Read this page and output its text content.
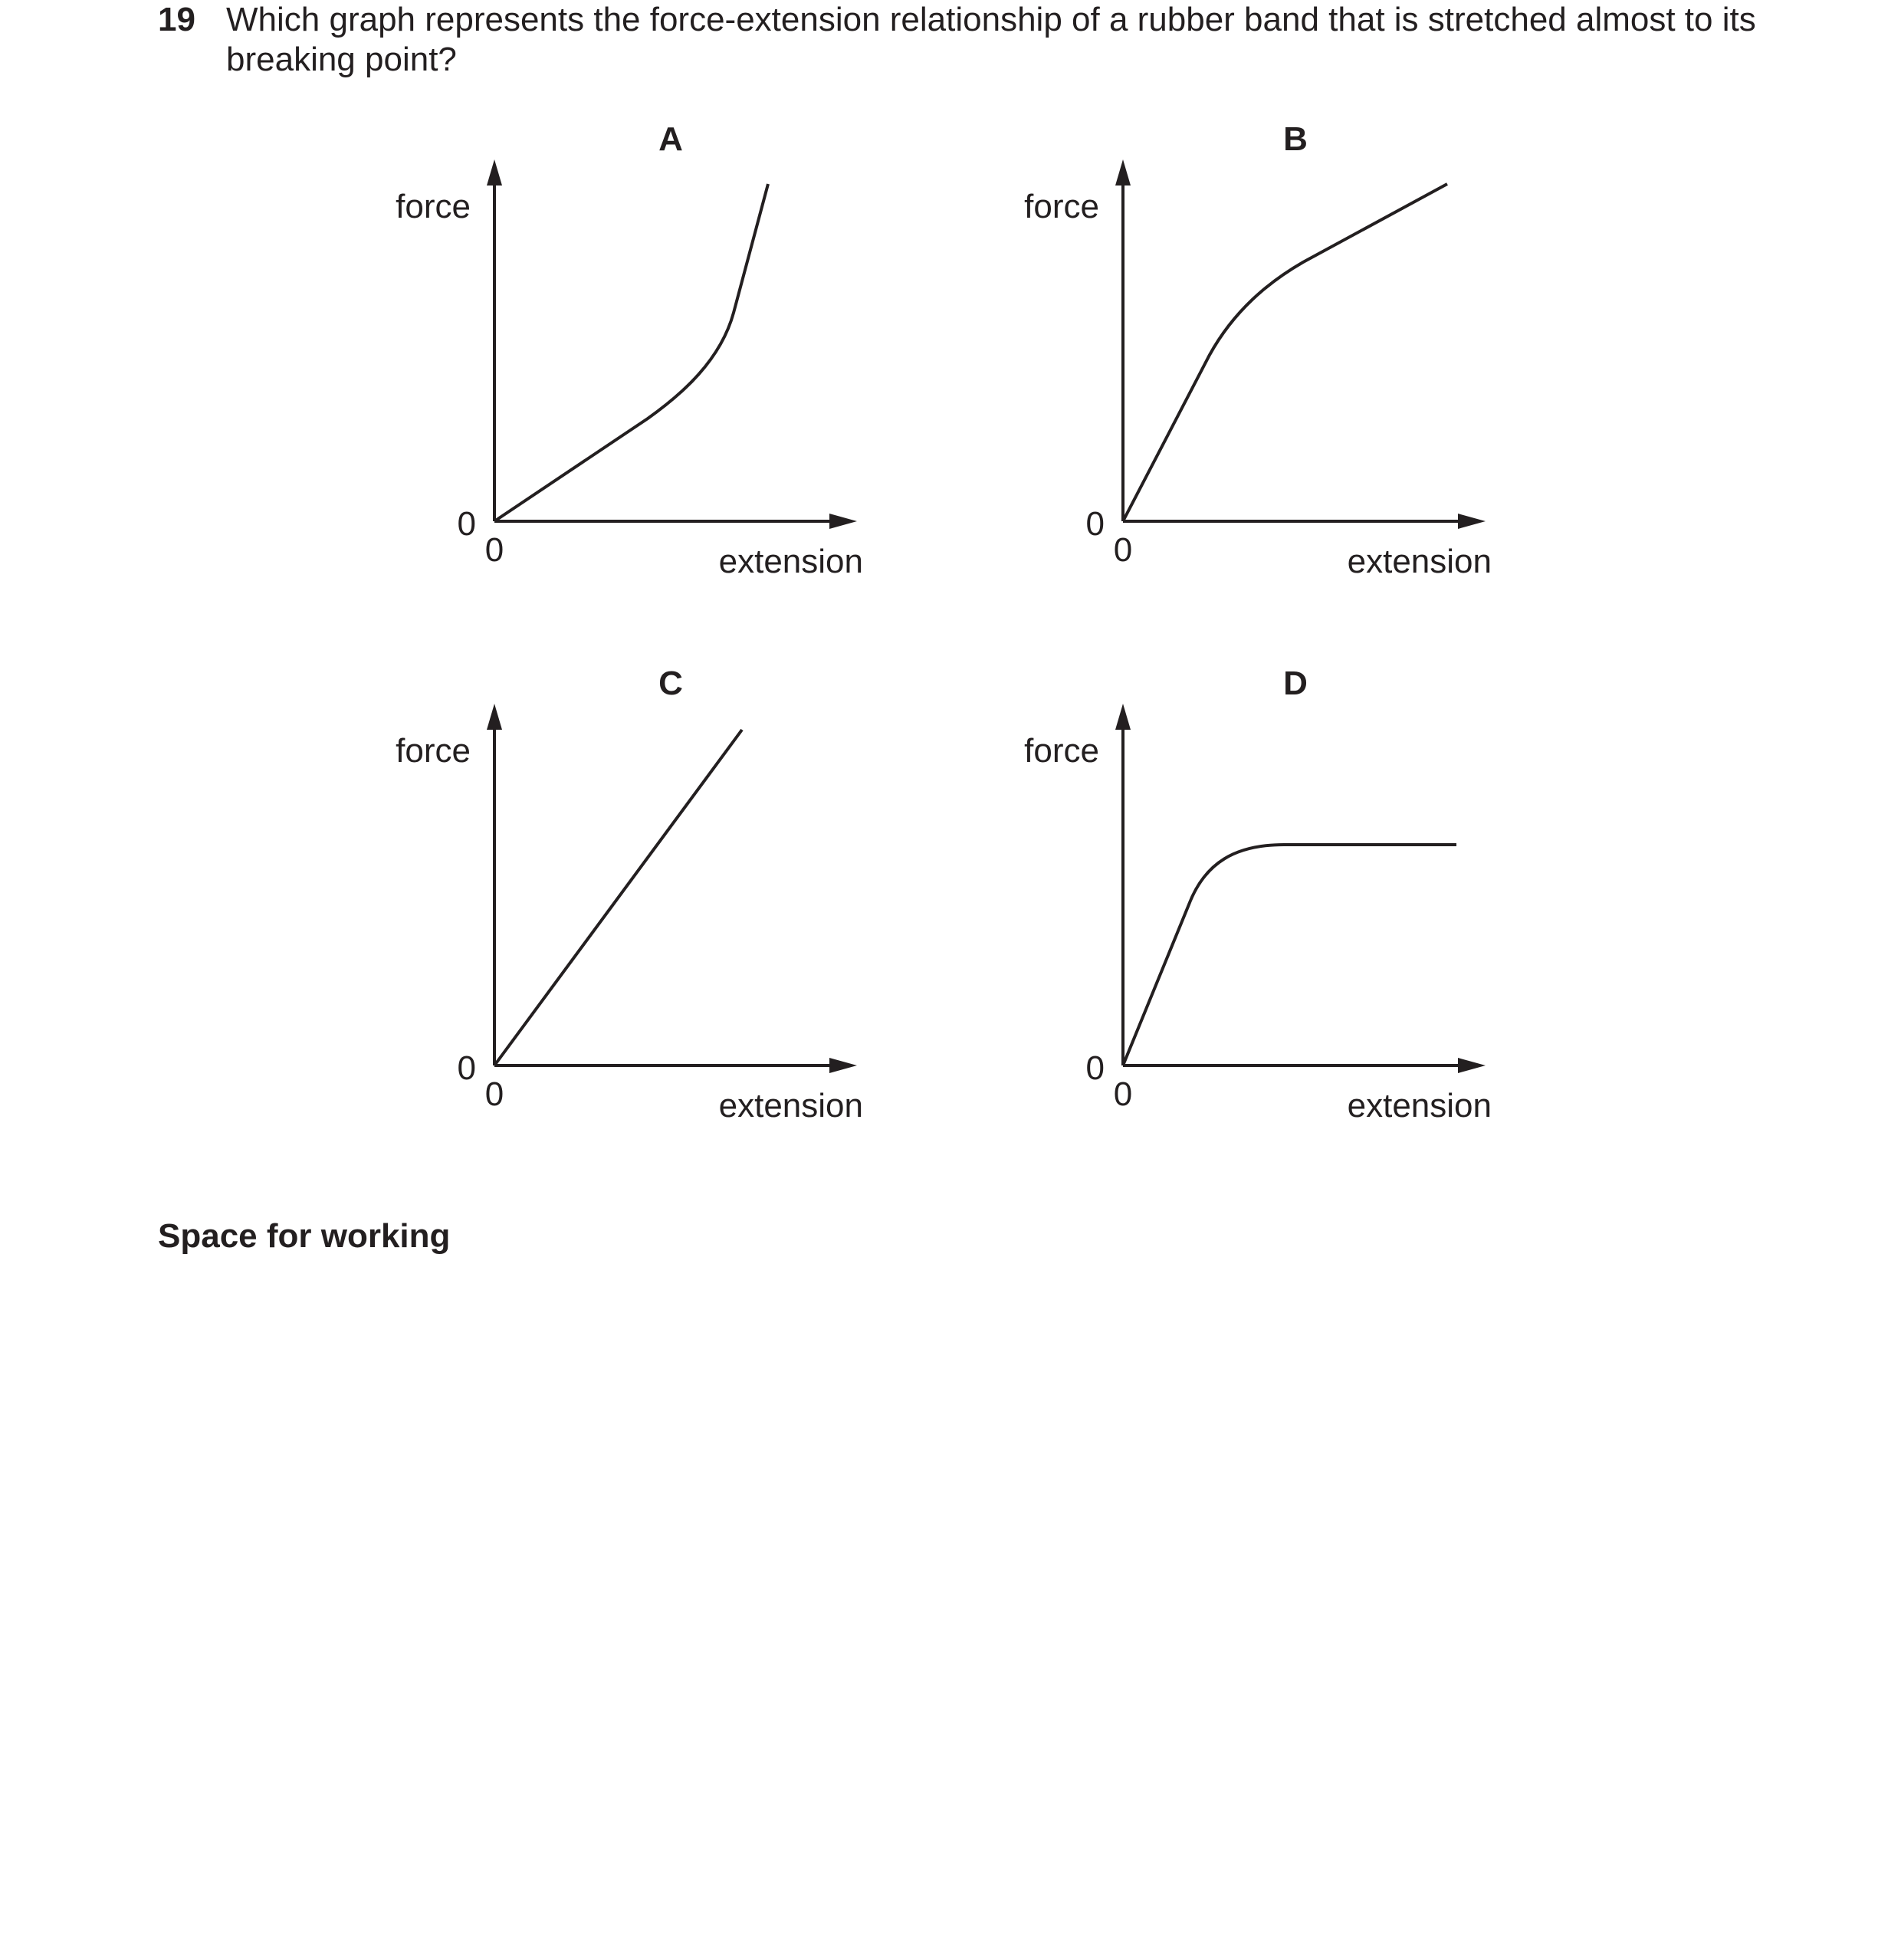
19 Which graph represents the force-extension relationship of a rubber band that is stretched almost to its breaking point?
A
force
extension
0
0
B
force
extension
0
0
C
force
extension
0
0
D
force
extension
0
0
Space for working
